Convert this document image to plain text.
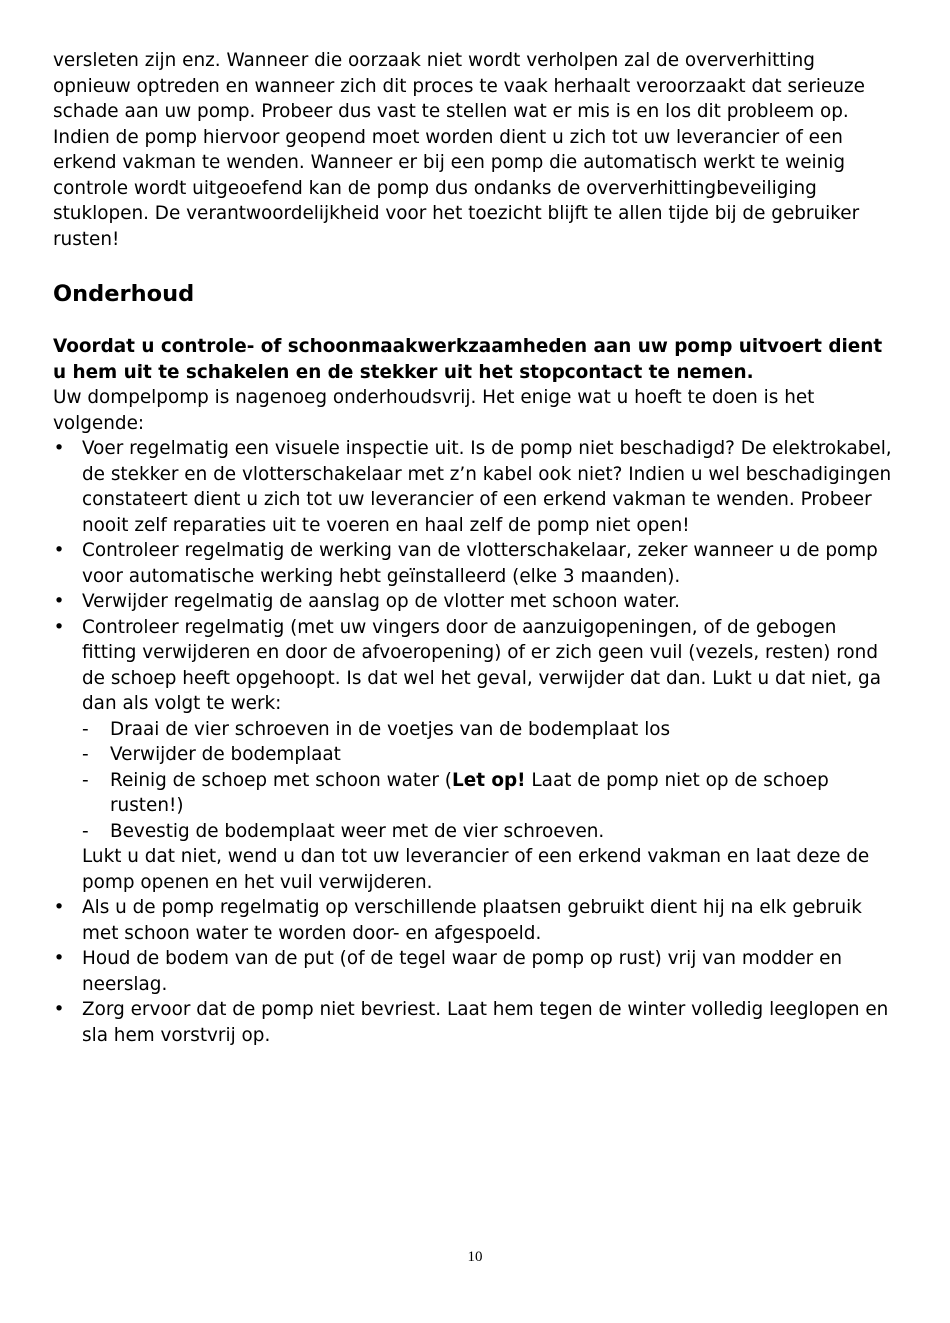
versleten zijn enz. Wanneer die oorzaak niet wordt verholpen zal de oververhitting opnieuw optreden en wanneer zich dit proces te vaak herhaalt veroorzaakt dat serieuze schade aan uw pomp. Probeer dus vast te stellen wat er mis is en los dit probleem op. Indien de pomp hiervoor geopend moet worden dient u zich tot uw leverancier of een erkend vakman te wenden. Wanneer er bij een pomp die automatisch werkt te weinig controle wordt uitgeoefend kan de pomp dus ondanks de oververhittingbeveiliging stuklopen. De verantwoordelijkheid voor het toezicht blijft te allen tijde bij de gebruiker rusten!

Onderhoud

Voordat u controle- of schoonmaakwerkzaamheden aan uw pomp uitvoert dient u hem uit te schakelen en de stekker uit het stopcontact te nemen.

Uw dompelpomp is nagenoeg onderhoudsvrij. Het enige wat u hoeft te doen is het volgende:

• Voer regelmatig een visuele inspectie uit. Is de pomp niet beschadigd? De elektrokabel, de stekker en de vlotterschakelaar met z’n kabel ook niet? Indien u wel beschadigingen constateert dient u zich tot uw leverancier of een erkend vakman te wenden. Probeer nooit zelf reparaties uit te voeren en haal zelf de pomp niet open!
• Controleer regelmatig de werking van de vlotterschakelaar, zeker wanneer u de pomp voor automatische werking hebt geïnstalleerd (elke 3 maanden).
• Verwijder regelmatig de aanslag op de vlotter met schoon water.
• Controleer regelmatig (met uw vingers door de aanzuigopeningen, of de gebogen fitting verwijderen en door de afvoeropening) of er zich geen vuil (vezels, resten) rond de schoep heeft opgehoopt. Is dat wel het geval, verwijder dat dan. Lukt u dat niet, ga dan als volgt te werk:
- Draai de vier schroeven in de voetjes van de bodemplaat los
- Verwijder de bodemplaat
- Reinig de schoep met schoon water (Let op! Laat de pomp niet op de schoep rusten!)
- Bevestig de bodemplaat weer met de vier schroeven.
Lukt u dat niet, wend u dan tot uw leverancier of een erkend vakman en laat deze de pomp openen en het vuil verwijderen.
• Als u de pomp regelmatig op verschillende plaatsen gebruikt dient hij na elk gebruik met schoon water te worden door- en afgespoeld.
• Houd de bodem van de put (of de tegel waar de pomp op rust) vrij van modder en neerslag.
• Zorg ervoor dat de pomp niet bevriest. Laat hem tegen de winter volledig leeglopen en sla hem vorstvrij op.
10
